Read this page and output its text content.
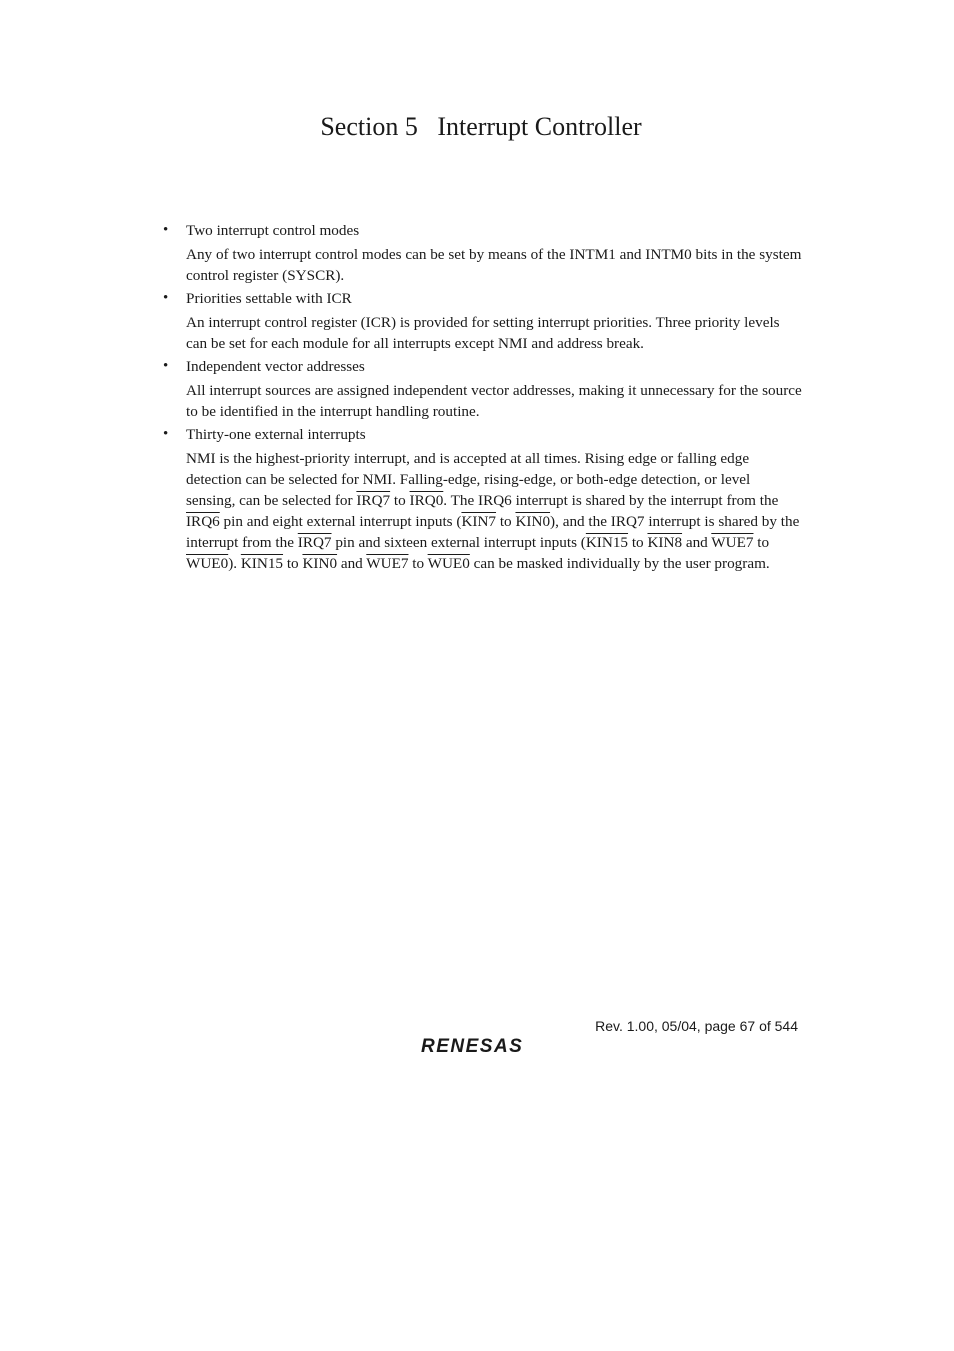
Section 5   Interrupt Controller
• Two interrupt control modes
Any of two interrupt control modes can be set by means of the INTM1 and INTM0 bits in the system control register (SYSCR).
• Priorities settable with ICR
An interrupt control register (ICR) is provided for setting interrupt priorities. Three priority levels can be set for each module for all interrupts except NMI and address break.
• Independent vector addresses
All interrupt sources are assigned independent vector addresses, making it unnecessary for the source to be identified in the interrupt handling routine.
• Thirty-one external interrupts
NMI is the highest-priority interrupt, and is accepted at all times. Rising edge or falling edge detection can be selected for NMI. Falling-edge, rising-edge, or both-edge detection, or level sensing, can be selected for IRQ7 to IRQ0. The IRQ6 interrupt is shared by the interrupt from the IRQ6 pin and eight external interrupt inputs (KIN7 to KIN0), and the IRQ7 interrupt is shared by the interrupt from the IRQ7 pin and sixteen external interrupt inputs (KIN15 to KIN8 and WUE7 to WUE0). KIN15 to KIN0 and WUE7 to WUE0 can be masked individually by the user program.
Rev. 1.00, 05/04, page 67 of 544
RENESAS
